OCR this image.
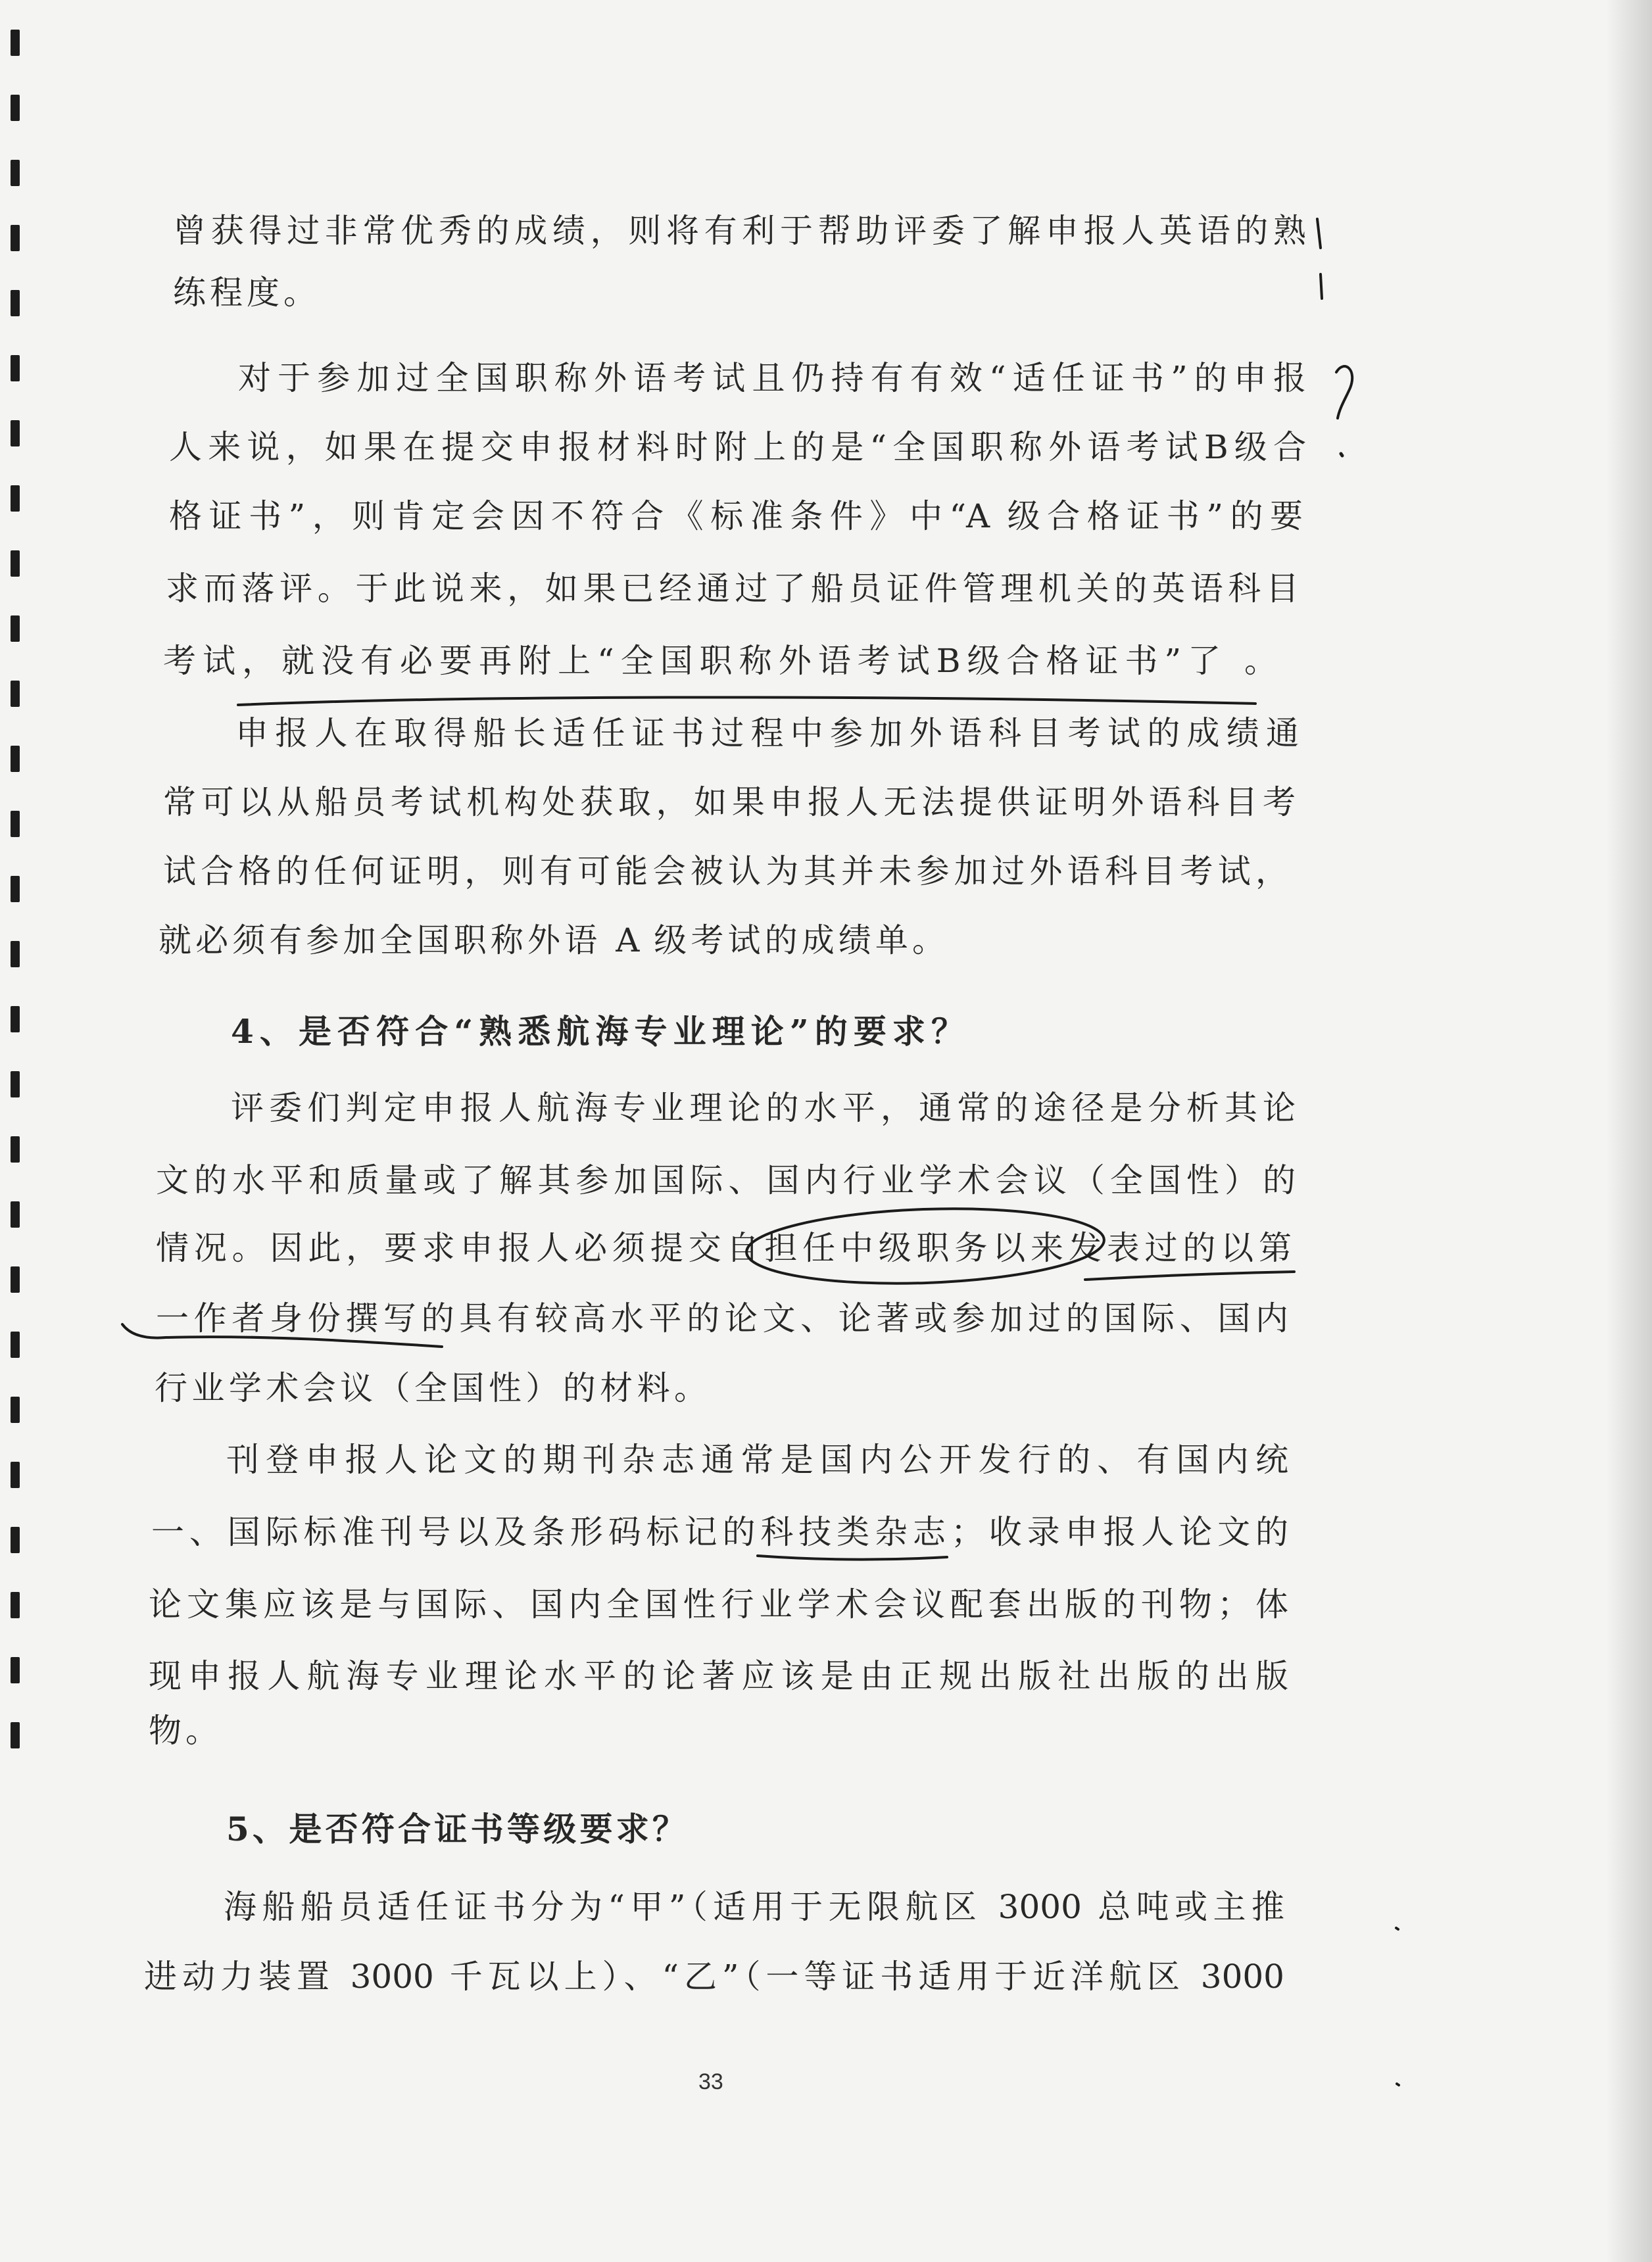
曾获得过非常优秀的成绩，则将有利于帮助评委了解申报人英语的熟
练程度。
对于参加过全国职称外语考试且仍持有有效“适任证书”的申报
人来说，如果在提交申报材料时附上的是“全国职称外语考试B级合
格证书”，则肯定会因不符合《标准条件》中“A 级合格证书”的要
求而落评。于此说来，如果已经通过了船员证件管理机关的英语科目
考试，就没有必要再附上“全国职称外语考试B级合格证书”了 。
申报人在取得船长适任证书过程中参加外语科目考试的成绩通
常可以从船员考试机构处获取，如果申报人无法提供证明外语科目考
试合格的任何证明，则有可能会被认为其并未参加过外语科目考试，
就必须有参加全国职称外语 A 级考试的成绩单。
4、是否符合“熟悉航海专业理论”的要求？
评委们判定申报人航海专业理论的水平，通常的途径是分析其论
文的水平和质量或了解其参加国际、国内行业学术会议（全国性）的
情况。因此，要求申报人必须提交自担任中级职务以来发表过的以第
一作者身份撰写的具有较高水平的论文、论著或参加过的国际、国内
行业学术会议（全国性）的材料。
刊登申报人论文的期刊杂志通常是国内公开发行的、有国内统
一、国际标准刊号以及条形码标记的科技类杂志；收录申报人论文的
论文集应该是与国际、国内全国性行业学术会议配套出版的刊物；体
现申报人航海专业理论水平的论著应该是由正规出版社出版的出版
物。
5、是否符合证书等级要求？
海船船员适任证书分为“甲”（适用于无限航区 3000 总吨或主推
进动力装置 3000 千瓦以上）、“乙”（一等证书适用于近洋航区 3000
33
